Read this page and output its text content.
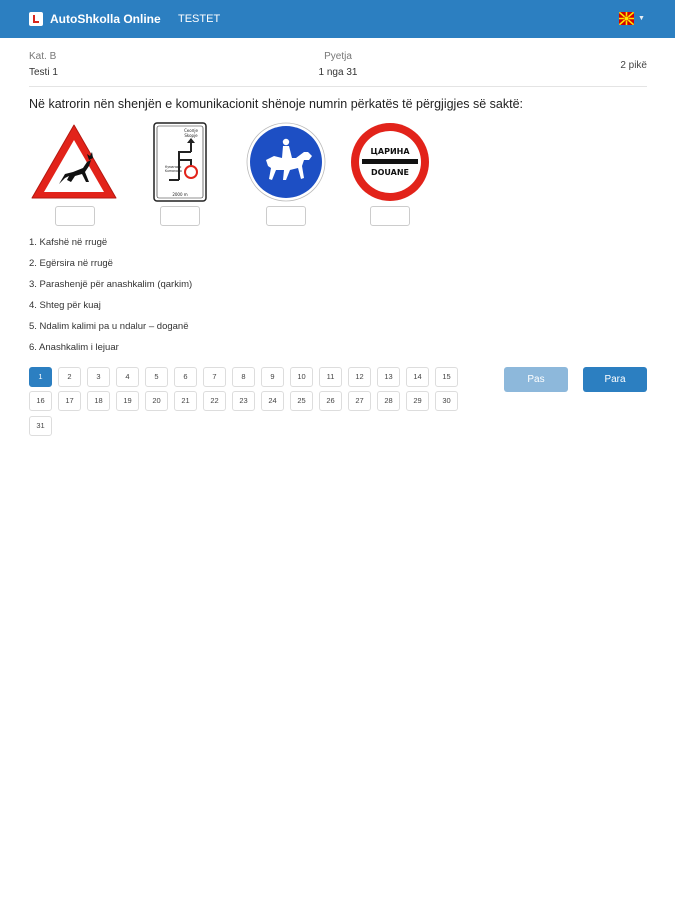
AutoShkolla Online TESTET	▼
Kat. B
Testi 1
Pyetja
1 nga 31
2 pikë
Në katrorin nën shenjën e komunikacionit shënoje numrin përkatës të përgjigjes së saktë:
Скопје
Skopje
Куманово
Kumanovo
2000 m
ЦАРИНА
DOUANE
1. Kafshë në rrugë
2. Egërsira në rrugë
3. Parashenjë për anashkalim (qarkim)
4. Shteg për kuaj
5. Ndalim kalimi pa u ndalur – doganë
6. Anashkalim i lejuar
1	2	3	4	5	6	7	8	9	10	11	12	13	14	15
16	17	18	19	20	21	22	23	24	25	26	27	28	29	30
31
Pas	Para
